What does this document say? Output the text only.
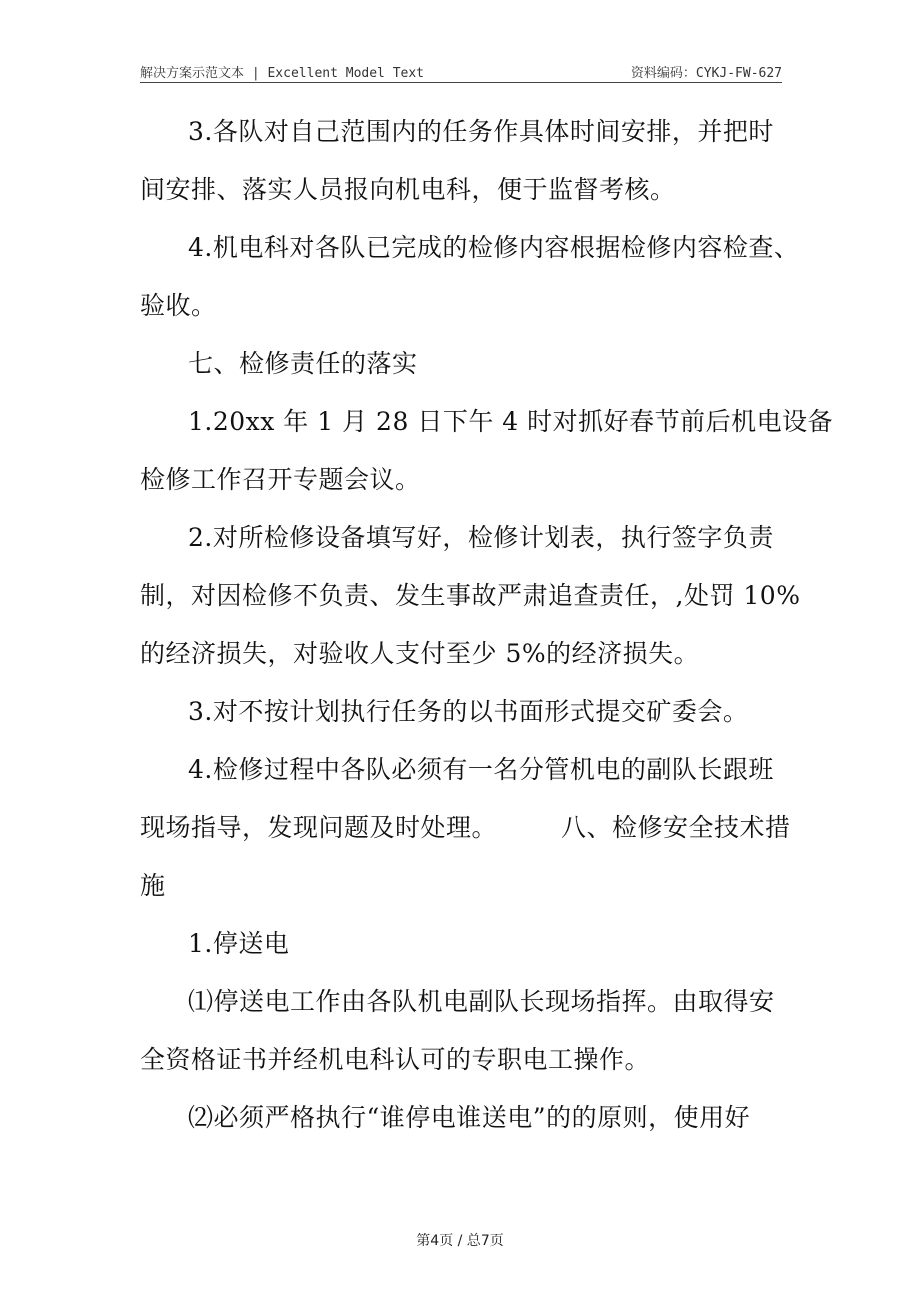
解决方案示范文本 | Excellent Model Text	资料编码：CYKJ-FW-627
3.各队对自己范围内的任务作具体时间安排，并把时
间安排、落实人员报向机电科，便于监督考核。
4.机电科对各队已完成的检修内容根据检修内容检查、
验收。
七、检修责任的落实
1.20xx 年 1 月 28 日下午 4 时对抓好春节前后机电设备
检修工作召开专题会议。
2.对所检修设备填写好，检修计划表，执行签字负责
制，对因检修不负责、发生事故严肃追查责任，,处罚 10%
的经济损失，对验收人支付至少 5%的经济损失。
3.对不按计划执行任务的以书面形式提交矿委会。
4.检修过程中各队必须有一名分管机电的副队长跟班
现场指导，发现问题及时处理。　　　八、检修安全技术措
施
1.停送电
⑴停送电工作由各队机电副队长现场指挥。由取得安
全资格证书并经机电科认可的专职电工操作。
⑵必须严格执行“谁停电谁送电”的的原则，使用好
第4页 / 总7页
